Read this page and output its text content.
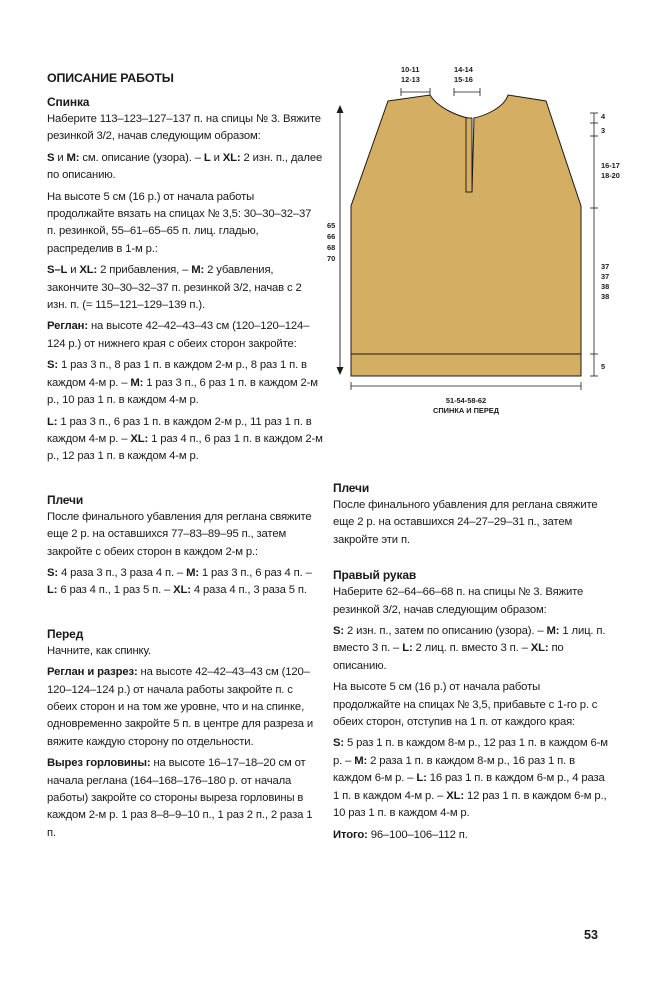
ОПИСАНИЕ РАБОТЫ
Спинка

Наберите 113–123–127–137 п. на спицы № 3. Вяжите резинкой 3/2, начав следующим образом:

S и M: см. описание (узора). – L и XL: 2 изн. п., далее по описанию.

На высоте 5 см (16 р.) от начала работы продолжайте вязать на спицах № 3,5: 30–30–32–37 п. резинкой, 55–61–65–65 п. лиц. гладью, распределив в 1-м р.:

S–L и XL: 2 прибавления, – M: 2 убавления, закончите 30–30–32–37 п. резинкой 3/2, начав с 2 изн. п. (= 115–121–129–139 п.).

Реглан: на высоте 42–42–43–43 см (120–120–124–124 р.) от нижнего края с обеих сторон закройте:

S: 1 раз 3 п., 8 раз 1 п. в каждом 2-м р., 8 раз 1 п. в каждом 4-м р. – M: 1 раз 3 п., 6 раз 1 п. в каждом 2-м р., 10 раз 1 п. в каждом 4-м р.

L: 1 раз 3 п., 6 раз 1 п. в каждом 2-м р., 11 раз 1 п. в каждом 4-м р. – XL: 1 раз 4 п., 6 раз 1 п. в каждом 2-м р., 12 раз 1 п. в каждом 4-м р.

Плечи

После финального убавления для реглана свяжите еще 2 р. на оставшихся 77–83–89–95 п., затем закройте с обеих сторон в каждом 2-м р.:

S: 4 раза 3 п., 3 раза 4 п. – M: 1 раз 3 п., 6 раз 4 п. – L: 6 раз 4 п., 1 раз 5 п. – XL: 4 раза 4 п., 3 раза 5 п.

Перед

Начните, как спинку.

Реглан и разрез: на высоте 42–42–43–43 см (120–120–124–124 р.) от начала работы закройте п. с обеих сторон и на том же уровне, что и на спинке, одновременно закройте 5 п. в центре для разреза и вяжите каждую сторону по отдельности.

Вырез горловины: на высоте 16–17–18–20 см от начала реглана (164–168–176–180 р. от начала работы) закройте со стороны выреза горловины в каждом 2-м р. 1 раз 8–8–9–10 п., 1 раз 2 п., 2 раза 1 п.

Плечи

После финального убавления для реглана свяжите еще 2 р. на оставшихся 24–27–29–31 п., затем закройте эти п.

Правый рукав

Наберите 62–64–66–68 п. на спицы № 3. Вяжите резинкой 3/2, начав следующим образом:

S: 2 изн. п., затем по описанию (узора). – M: 1 лиц. п. вместо 3 п. – L: 2 лиц. п. вместо 3 п. – XL: по описанию.

На высоте 5 см (16 р.) от начала работы продолжайте на спицах № 3,5, прибавьте с 1-го р. с обеих сторон, отступив на 1 п. от каждого края:

S: 5 раз 1 п. в каждом 8-м р., 12 раз 1 п. в каждом 6-м р. – M: 2 раза 1 п. в каждом 8-м р., 16 раз 1 п. в каждом 6-м р. – L: 16 раз 1 п. в каждом 6-м р., 4 раза 1 п. в каждом 4-м р. – XL: 12 раз 1 п. в каждом 6-м р., 10 раз 1 п. в каждом 4-м р.

Итого: 96–100–106–112 п.

10-11
12-13
14-14
15-16
4
3
16-17
18-20
37
37
38
38
5
65
66
68
70
51-54-58-62
СПИНКА И ПЕРЕД
53
